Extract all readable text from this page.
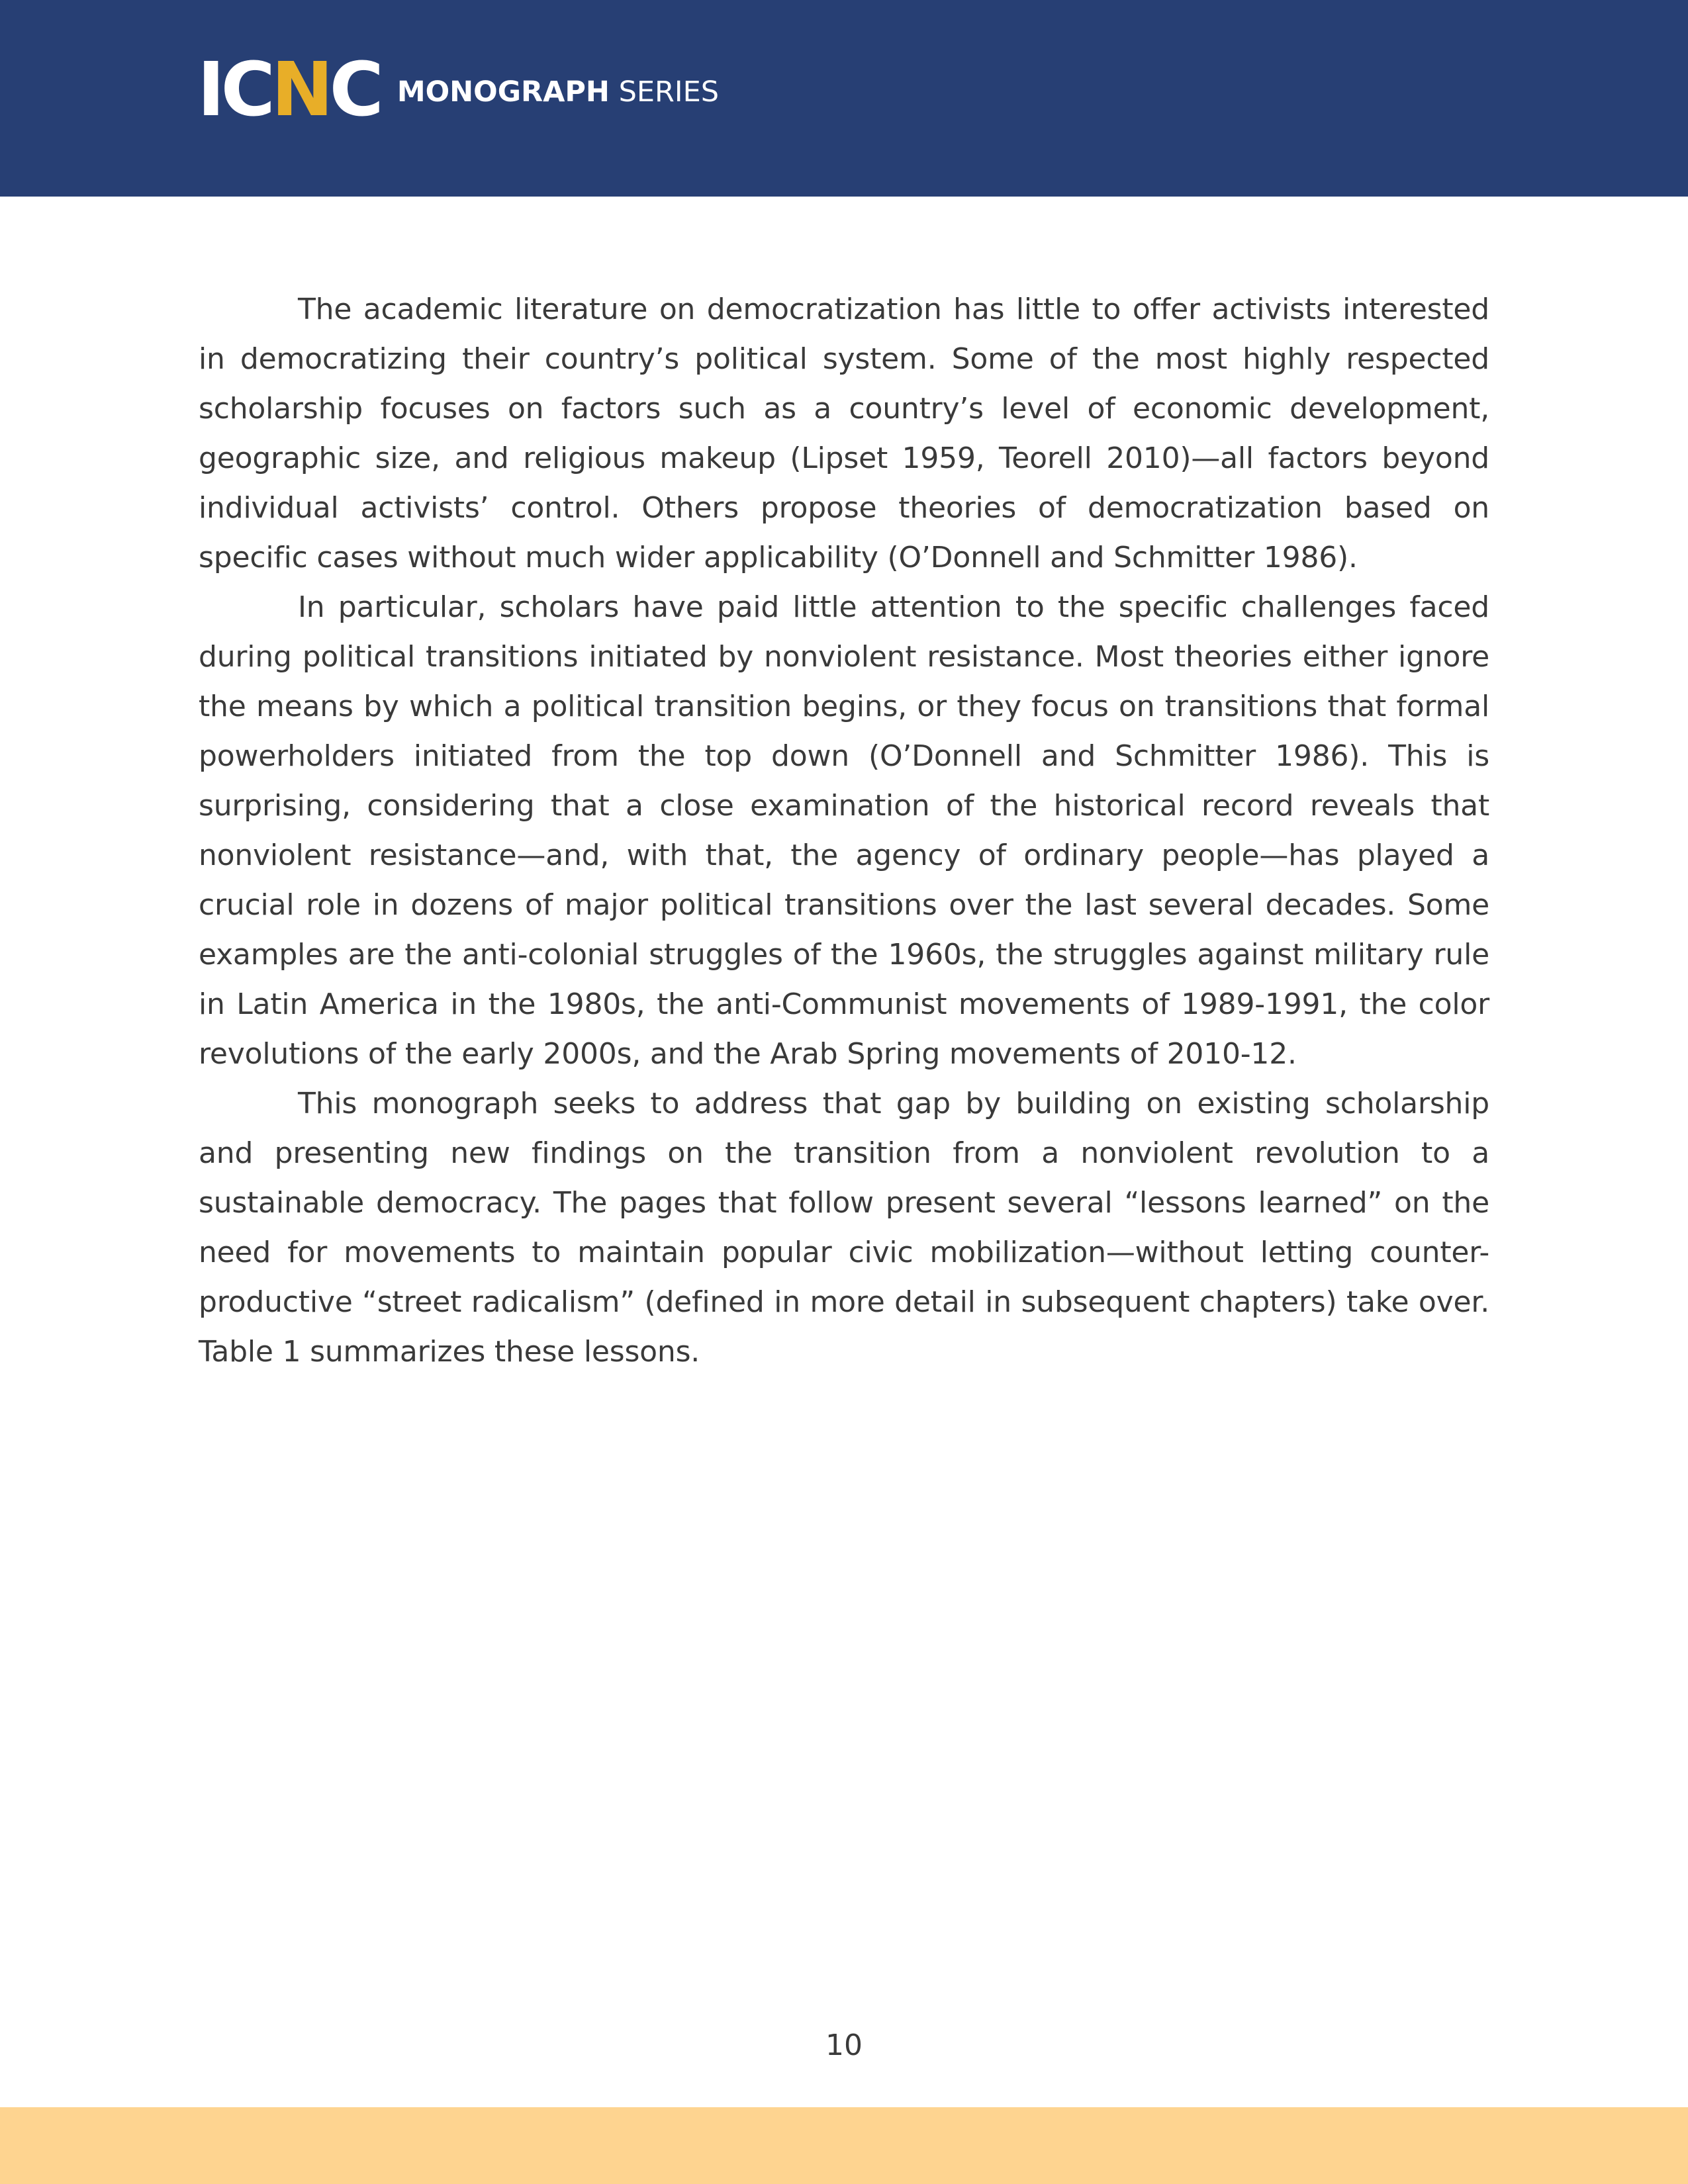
ICNC MONOGRAPH SERIES

The academic literature on democratization has little to offer activists interested in democratizing their country’s political system. Some of the most highly respected scholarship focuses on factors such as a country’s level of economic development, geographic size, and religious makeup (Lipset 1959, Teorell 2010)—all factors beyond individual activists’ control. Others propose theories of democratization based on specific cases without much wider applicability (O’Donnell and Schmitter 1986).

In particular, scholars have paid little attention to the specific challenges faced during political transitions initiated by nonviolent resistance. Most theories either ignore the means by which a political transition begins, or they focus on transitions that formal powerholders initiated from the top down (O’Donnell and Schmitter 1986). This is surprising, considering that a close examination of the historical record reveals that nonviolent resistance—and, with that, the agency of ordinary people—has played a crucial role in dozens of major political transitions over the last several decades. Some examples are the anti-colonial struggles of the 1960s, the struggles against military rule in Latin America in the 1980s, the anti-Communist movements of 1989-1991, the color revolutions of the early 2000s, and the Arab Spring movements of 2010-12.

This monograph seeks to address that gap by building on existing scholarship and presenting new findings on the transition from a nonviolent revolution to a sustainable democracy. The pages that follow present several “lessons learned” on the need for movements to maintain popular civic mobilization—without letting counter-productive “street radicalism” (defined in more detail in subsequent chapters) take over. Table 1 summarizes these lessons.

10
